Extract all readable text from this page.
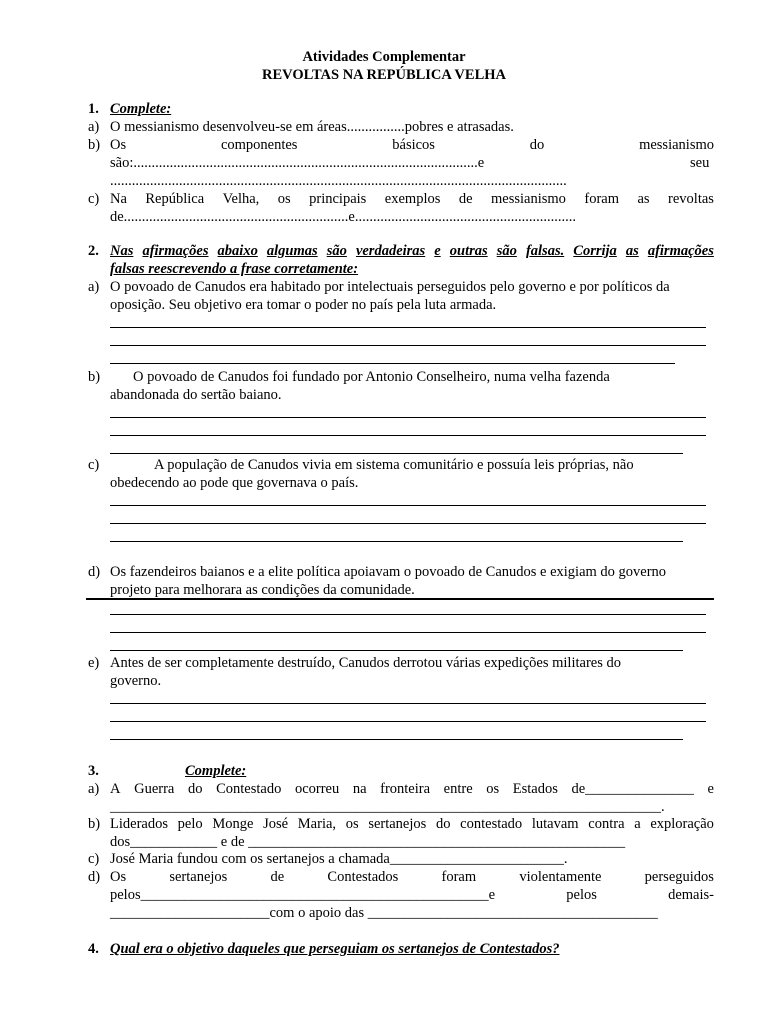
Atividades Complementar
REVOLTAS NA REPÚBLICA VELHA
1. Complete:
a) O messianismo desenvolveu-se em áreas................pobres e atrasadas.
b) Os	componentes	básicos	do	messianismo
são:...............................................................................................e	seu
..............................................................................................................................
c) Na República Velha, os principais exemplos de messianismo foram as revoltas
de..............................................................e.............................................................
2. Nas afirmações abaixo algumas são verdadeiras e outras são falsas. Corrija as afirmações
falsas reescrevendo a frase corretamente:
a) O povoado de Canudos era habitado por intelectuais perseguidos pelo governo e por políticos da
oposição. Seu objetivo era tomar o poder no país pela luta armada.
b) O povoado de Canudos foi fundado por Antonio Conselheiro, numa velha fazenda
abandonada do sertão baiano.
c)	A população de Canudos vivia em sistema comunitário e possuía leis próprias, não
obedecendo ao pode que governava o país.
d) Os fazendeiros baianos e a elite política apoiavam o povoado de Canudos e exigiam do governo
projeto para melhorara as condições da comunidade.
e) Antes de ser completamente destruído, Canudos derrotou várias expedições militares do
governo.
3.	Complete:
a) A Guerra do Contestado ocorreu na fronteira entre os Estados de_______________ e
____________________________________________________________________________.
b) Liderados pelo Monge José Maria, os sertanejos do contestado lutavam contra a exploração
dos____________ e de ____________________________________________________
c) José Maria fundou com os sertanejos a chamada________________________.
d) Os	sertanejos	de	Contestados	foram	violentamente	perseguidos
pelos________________________________________________e	pelos	demais-
______________________com o apoio das ________________________________________
4. Qual era o objetivo daqueles que perseguiam os sertanejos de Contestados?
